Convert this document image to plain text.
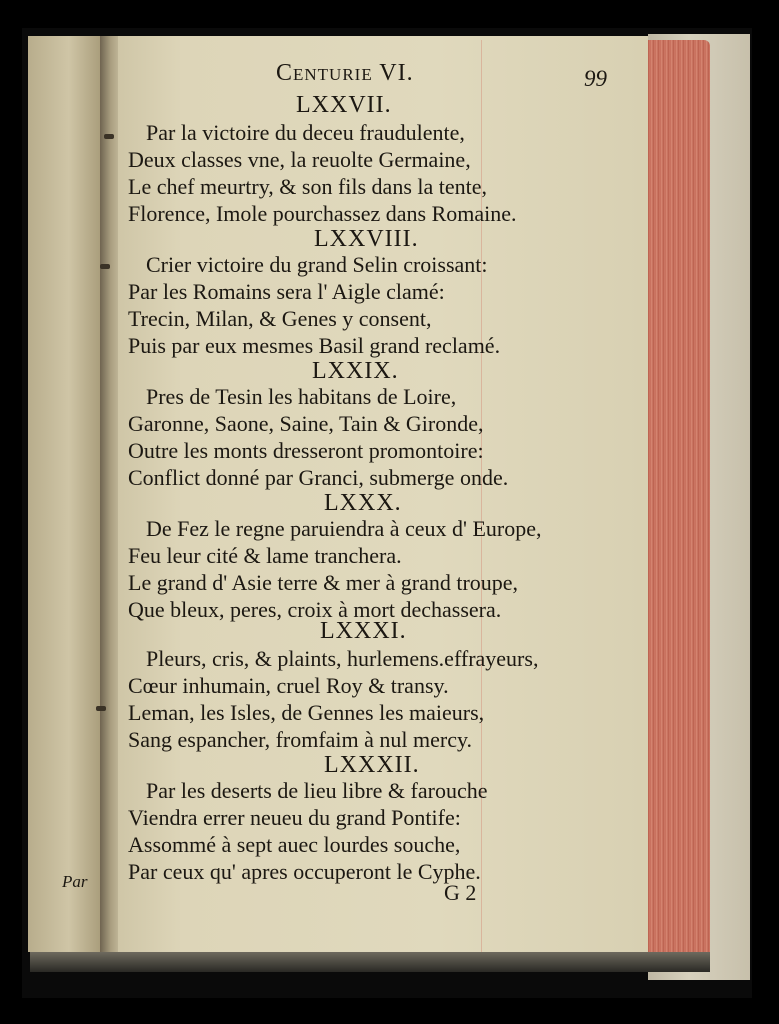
Par
Centurie VI.	99
LXXVII.
Par la victoire du deceu fraudulente,
Deux classes vne, la reuolte Germaine,
Le chef meurtry, & son fils dans la tente,
Florence, Imole pourchassez dans Romaine.
LXXVIII.
Crier victoire du grand Selin croissant:
Par les Romains sera l' Aigle clamé:
Trecin, Milan, & Genes y consent,
Puis par eux mesmes Basil grand reclamé.
LXXIX.
Pres de Tesin les habitans de Loire,
Garonne, Saone, Saine, Tain & Gironde,
Outre les monts dresseront promontoire:
Conflict donné par Granci, submerge onde.
LXXX.
De Fez le regne paruiendra à ceux d' Europe,
Feu leur cité & lame tranchera.
Le grand d' Asie terre & mer à grand troupe,
Que bleux, peres, croix à mort dechassera.
LXXXI.
Pleurs, cris, & plaints, hurlemens.effrayeurs,
Cœur inhumain, cruel Roy & transy.
Leman, les Isles, de Gennes les maieurs,
Sang espancher, fromfaim à nul mercy.
LXXXII.
Par les deserts de lieu libre & farouche
Viendra errer neueu du grand Pontife:
Assommé à sept auec lourdes souche,
Par ceux qu' apres occuperont le Cyphe.
G 2
